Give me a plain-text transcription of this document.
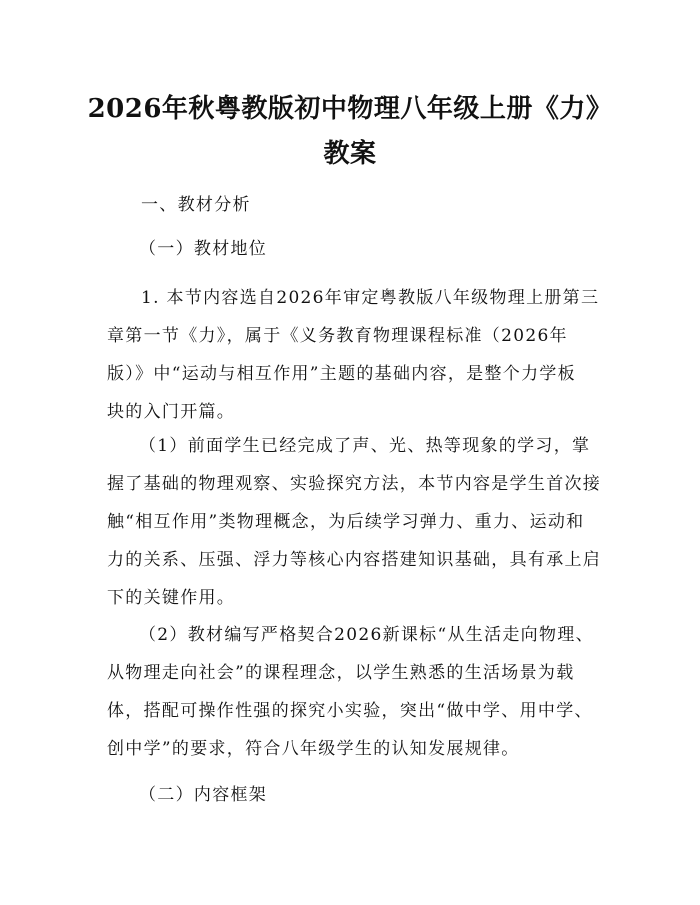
2026年秋粤教版初中物理八年级上册《力》
教案
一、教材分析
（一）教材地位
1. 本节内容选自2026年审定粤教版八年级物理上册第三
章第一节《力》，属于《义务教育物理课程标准（2026年
版）》中“运动与相互作用”主题的基础内容，是整个力学板
块的入门开篇。
（1）前面学生已经完成了声、光、热等现象的学习，掌
握了基础的物理观察、实验探究方法，本节内容是学生首次接
触“相互作用”类物理概念，为后续学习弹力、重力、运动和
力的关系、压强、浮力等核心内容搭建知识基础，具有承上启
下的关键作用。
（2）教材编写严格契合2026新课标“从生活走向物理、
从物理走向社会”的课程理念，以学生熟悉的生活场景为载
体，搭配可操作性强的探究小实验，突出“做中学、用中学、
创中学”的要求，符合八年级学生的认知发展规律。
（二）内容框架
